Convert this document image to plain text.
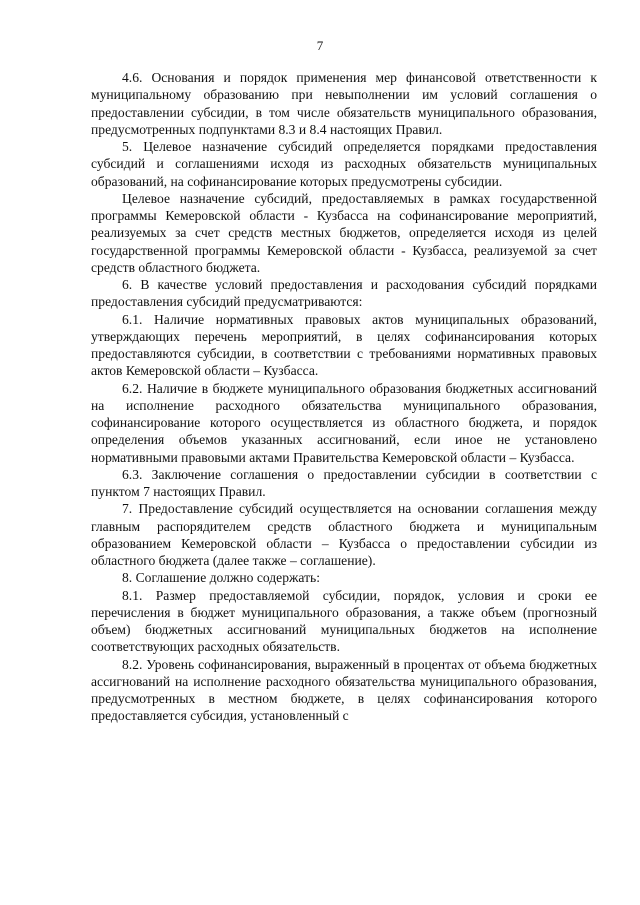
7

4.6. Основания и порядок применения мер финансовой ответственности к муниципальному образованию при невыполнении им условий соглашения о предоставлении субсидии, в том числе обязательств муниципального образования, предусмотренных подпунктами 8.3 и 8.4 настоящих Правил.

5. Целевое назначение субсидий определяется порядками предоставления субсидий и соглашениями исходя из расходных обязательств муниципальных образований, на софинансирование которых предусмотрены субсидии.

Целевое назначение субсидий, предоставляемых в рамках государственной программы Кемеровской области - Кузбасса на софинансирование мероприятий, реализуемых за счет средств местных бюджетов, определяется исходя из целей государственной программы Кемеровской области - Кузбасса, реализуемой за счет средств областного бюджета.

6. В качестве условий предоставления и расходования субсидий порядками предоставления субсидий предусматриваются:

6.1. Наличие нормативных правовых актов муниципальных образований, утверждающих перечень мероприятий, в целях софинансирования которых предоставляются субсидии, в соответствии с требованиями нормативных правовых актов Кемеровской области – Кузбасса.

6.2. Наличие в бюджете муниципального образования бюджетных ассигнований на исполнение расходного обязательства муниципального образования, софинансирование которого осуществляется из областного бюджета, и порядок определения объемов указанных ассигнований, если иное не установлено нормативными правовыми актами Правительства Кемеровской области – Кузбасса.

6.3. Заключение соглашения о предоставлении субсидии в соответствии с пунктом 7 настоящих Правил.

7. Предоставление субсидий осуществляется на основании соглашения между главным распорядителем средств областного бюджета и муниципальным образованием Кемеровской области – Кузбасса о предоставлении субсидии из областного бюджета (далее также – соглашение).

8. Соглашение должно содержать:

8.1. Размер предоставляемой субсидии, порядок, условия и сроки ее перечисления в бюджет муниципального образования, а также объем (прогнозный объем) бюджетных ассигнований муниципальных бюджетов на исполнение соответствующих расходных обязательств.

8.2. Уровень софинансирования, выраженный в процентах от объема бюджетных ассигнований на исполнение расходного обязательства муниципального образования, предусмотренных в местном бюджете, в целях софинансирования которого предоставляется субсидия, установленный с
